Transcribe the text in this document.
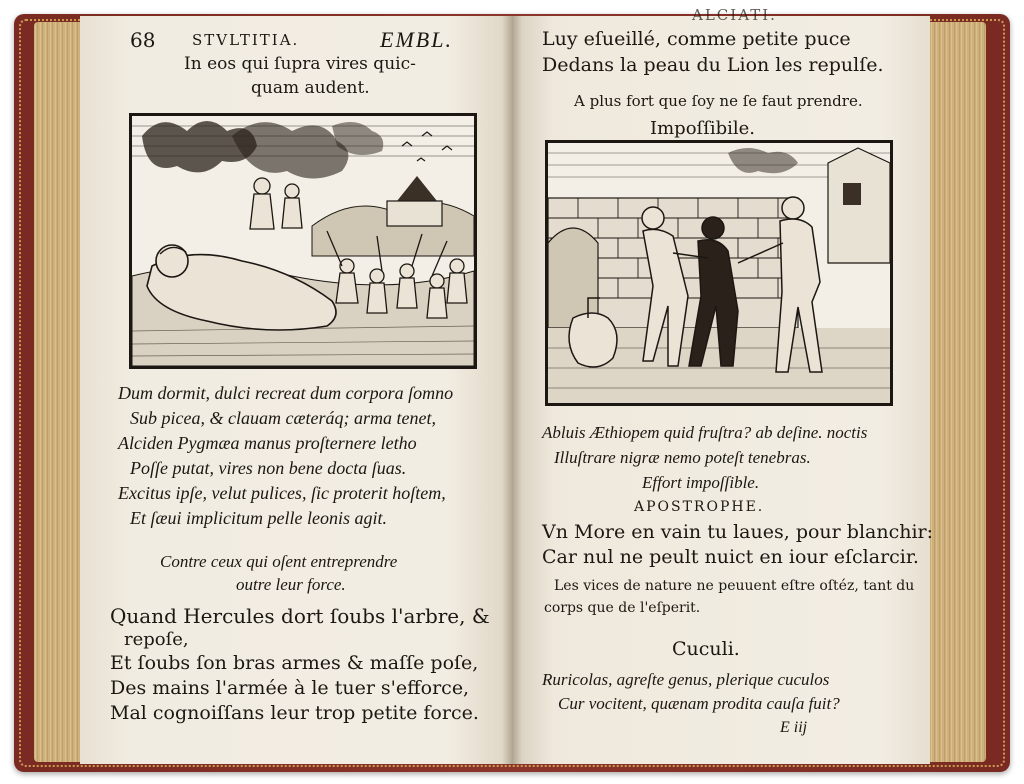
68 STVLTITIA.	EMBL.
In eos qui ſupra vires quic-
quam audent.
Dum dormit, dulci recreat dum corpora ſomno
Sub picea, & clauam cæteráq; arma tenet,
Alciden Pygmæa manus proſternere letho
Poſſe putat, vires non bene docta ſuas.
Excitus ipſe, velut pulices, ſic proterit hoſtem,
Et ſæui implicitum pelle leonis agit.
Contre ceux qui oſent entreprendre
outre leur force.
Quand Hercules dort ſoubs l'arbre, &
repoſe,
Et ſoubs ſon bras armes & maſſe poſe,
Des mains l'armée à le tuer s'efforce,
Mal cognoiſſans leur trop petite force.
ALCIATI.
Luy eſueillé, comme petite puce
Dedans la peau du Lion les repulſe.
A plus fort que ſoy ne ſe faut prendre.
Impoſſibile.
Abluis Æthiopem quid fruſtra? ab deſine. noctis
Illuſtrare nigræ nemo poteſt tenebras.
Effort impoſſible.
APOSTROPHE.
Vn More en vain tu laues, pour blanchir:
Car nul ne peult nuict en iour eſclarcir.
Les vices de nature ne peuuent eſtre oſtéz, tant du
corps que de l'eſperit.
Cuculi.
Ruricolas, agreſte genus, plerique cuculos
Cur vocitent, quænam prodita cauſa fuit?
E iij
